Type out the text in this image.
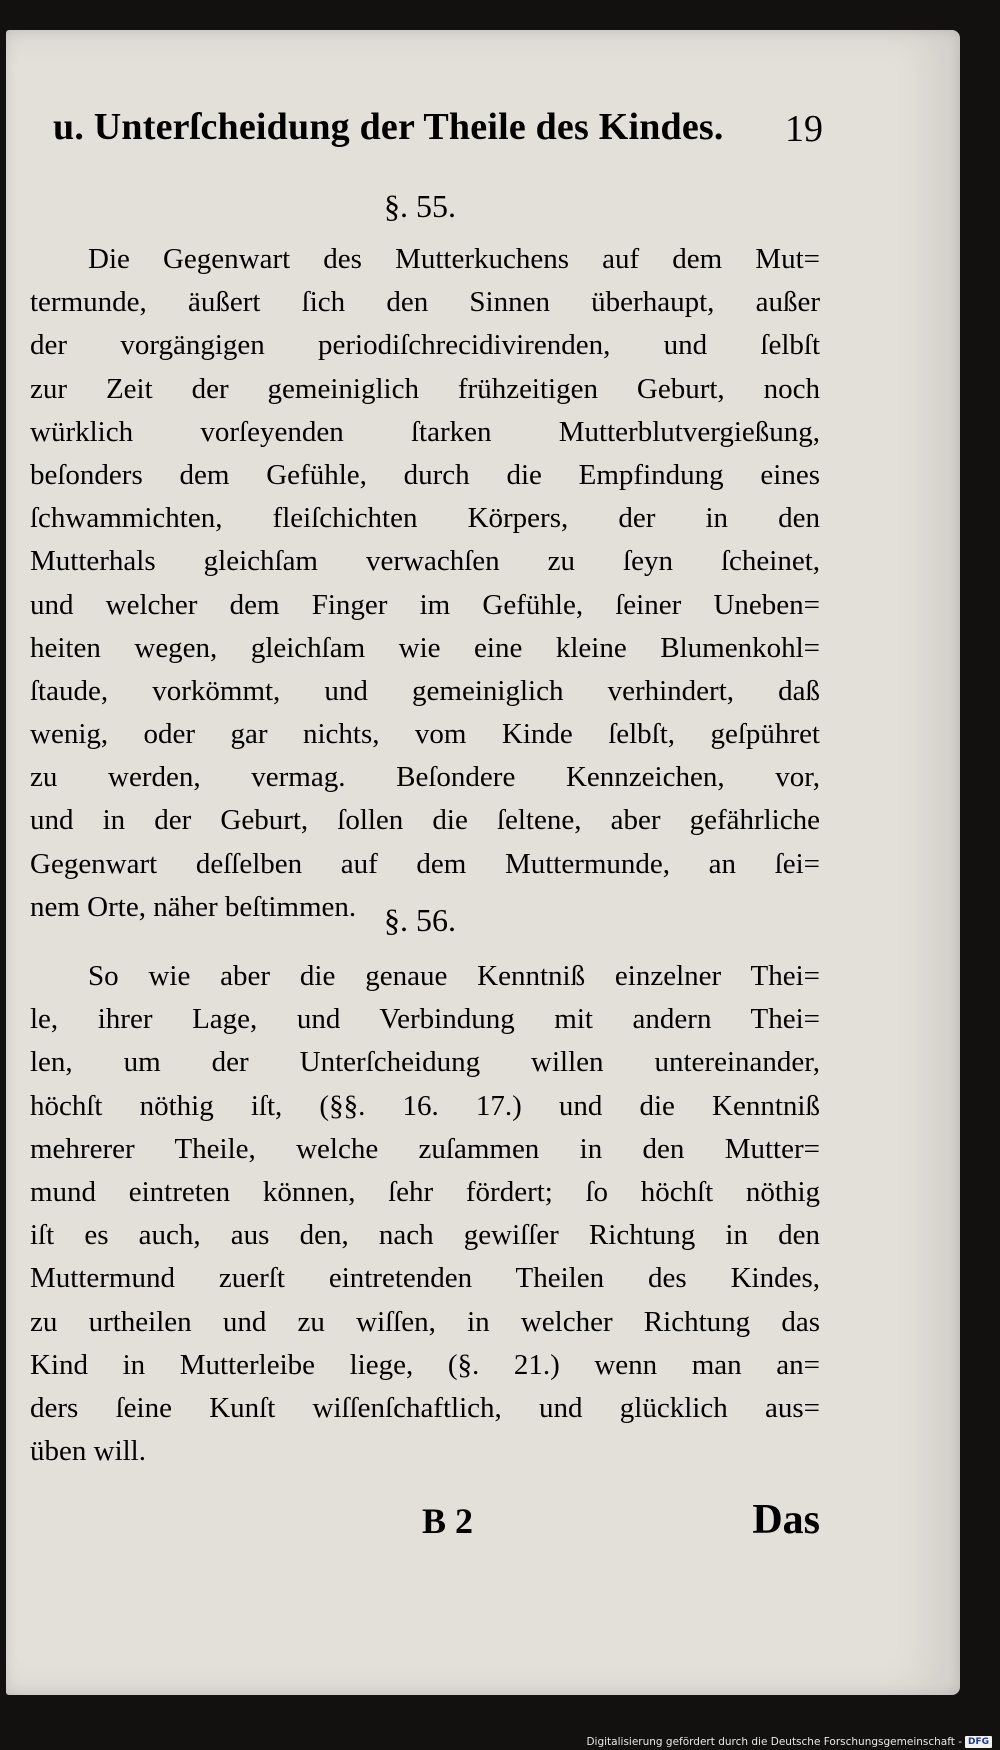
u. Unterſcheidung der Theile des Kindes. 19
§. 55.
Die Gegenwart des Mutterkuchens auf dem Mut=
termunde, äußert ſich den Sinnen überhaupt, außer
der vorgängigen periodiſchrecidivirenden, und ſelbſt
zur Zeit der gemeiniglich frühzeitigen Geburt, noch
würklich vorſeyenden ſtarken Mutterblutvergießung,
beſonders dem Gefühle, durch die Empfindung eines
ſchwammichten, fleiſchichten Körpers, der in den
Mutterhals gleichſam verwachſen zu ſeyn ſcheinet,
und welcher dem Finger im Gefühle, ſeiner Uneben=
heiten wegen, gleichſam wie eine kleine Blumenkohl=
ſtaude, vorkömmt, und gemeiniglich verhindert, daß
wenig, oder gar nichts, vom Kinde ſelbſt, geſpühret
zu werden, vermag. Beſondere Kennzeichen, vor,
und in der Geburt, ſollen die ſeltene, aber gefährliche
Gegenwart deſſelben auf dem Muttermunde, an ſei=
nem Orte, näher beſtimmen. §. 56.
So wie aber die genaue Kenntniß einzelner Thei=
le, ihrer Lage, und Verbindung mit andern Thei=
len, um der Unterſcheidung willen untereinander,
höchſt nöthig iſt, (§§. 16. 17.) und die Kenntniß
mehrerer Theile, welche zuſammen in den Mutter=
mund eintreten können, ſehr fördert; ſo höchſt nöthig
iſt es auch, aus den, nach gewiſſer Richtung in den
Muttermund zuerſt eintretenden Theilen des Kindes,
zu urtheilen und zu wiſſen, in welcher Richtung das
Kind in Mutterleibe liege, (§. 21.) wenn man an=
ders ſeine Kunſt wiſſenſchaftlich, und glücklich aus=
üben will.
B 2	Das
Digitalisierung gefördert durch die Deutsche Forschungsgemeinschaft - DFG
